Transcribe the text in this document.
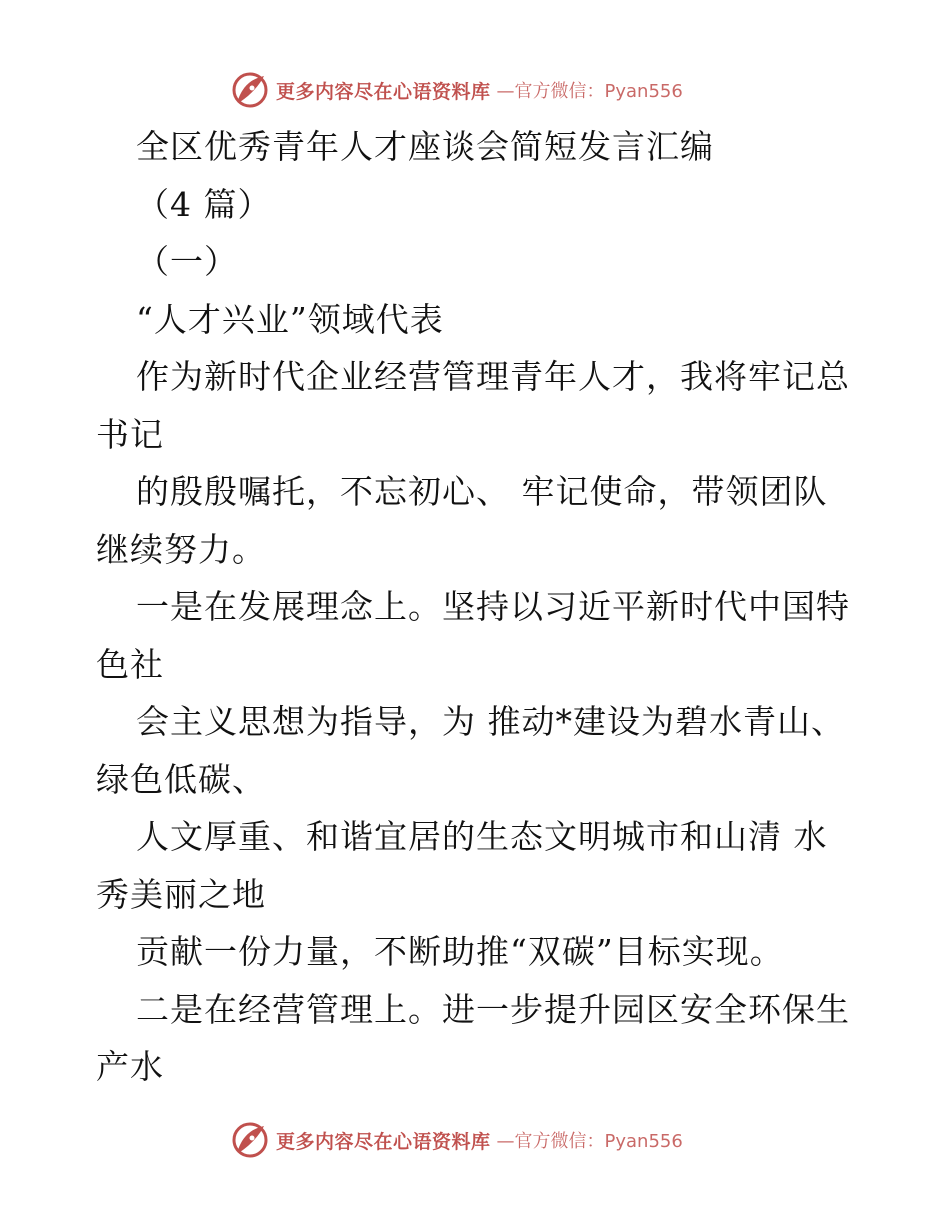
更多内容尽在心语资料库 —官方微信：Pyan556
全区优秀青年人才座谈会简短发言汇编
（4 篇）
（一）
“人才兴业”领域代表
作为新时代企业经营管理青年人才，我将牢记总
书记
的殷殷嘱托，不忘初心、 牢记使命，带领团队
继续努力。
一是在发展理念上。坚持以习近平新时代中国特
色社
会主义思想为指导，为 推动*建设为碧水青山、
绿色低碳、
人文厚重、和谐宜居的生态文明城市和山清 水
秀美丽之地
贡献一份力量，不断助推“双碳”目标实现。
二是在经营管理上。进一步提升园区安全环保生
产水
更多内容尽在心语资料库 —官方微信：Pyan556
